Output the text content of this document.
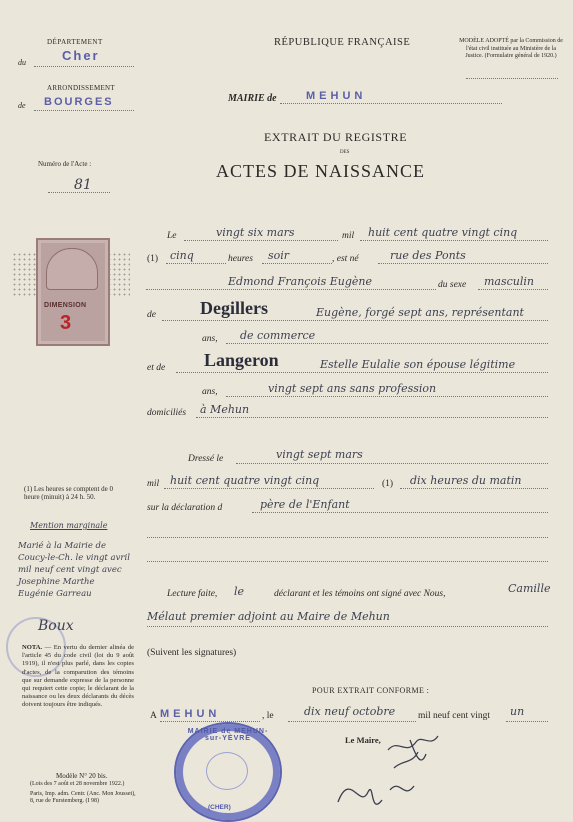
DÉPARTEMENT
du	Cher
ARRONDISSEMENT
de BOURGES
Numéro de l'Acte :
81
DIMENSION
3
(1) Les heures se comptent de 0 heure (minuit) à 24 h. 50.
Mention marginale
Marié à la Mairie de Coucy-le-Ch. le vingt avril mil neuf cent vingt avec Josephine Marthe Eugénie Garreau
Boux
NOTA. — En vertu du dernier alinéa de l'article 45 du code civil (loi du 9 août 1919), il n'est plus parlé, dans les copies d'actes, de la comparution des témoins que sur demande expresse de la personne qui requiert cette copie; le déclarant de la naissance ou les deux déclarants du décès doivent toujours être indiqués.
Modèle N° 20 bis.
(Lois des 7 août et 28 novembre 1922.)
Paris, Imp. adm. Centr. (Anc. Mon Jousset), 8, rue de Furstemberg. (I 98)
RÉPUBLIQUE FRANÇAISE	MODÈLE ADOPTÉ par la Commission de l'état civil instituée au Ministère de la Justice. (Formulaire général de 1920.)
MAIRIE de	MEHUN
EXTRAIT DU REGISTRE
DES
ACTES DE NAISSANCE
Le	vingt six mars	mil huit cent quatre vingt cinq
(1) cinq	heures soir	, est né	rue des Ponts
Edmond François Eugène	du sexe masculin
de Degillers	Eugène, forgé sept ans, représentant
ans, de commerce
et de Langeron	Estelle Eulalie son épouse légitime
ans,	vingt sept ans sans profession
domiciliés à Mehun
Dressé le	vingt sept mars
mil huit cent quatre vingt cinq	(1) dix heures du matin
sur la déclaration d	père de l'Enfant
Lecture faite, le	déclarant et les témoins ont signé avec Nous,	Camille
Mélaut premier adjoint au Maire de Mehun
(Suivent les signatures)
POUR EXTRAIT CONFORME :
A MEHUN	, le	dix neuf octobre mil neuf cent vingt un
Le Maire,
MAIRIE de MEHUN-sur-YÈVRE
(CHER)
